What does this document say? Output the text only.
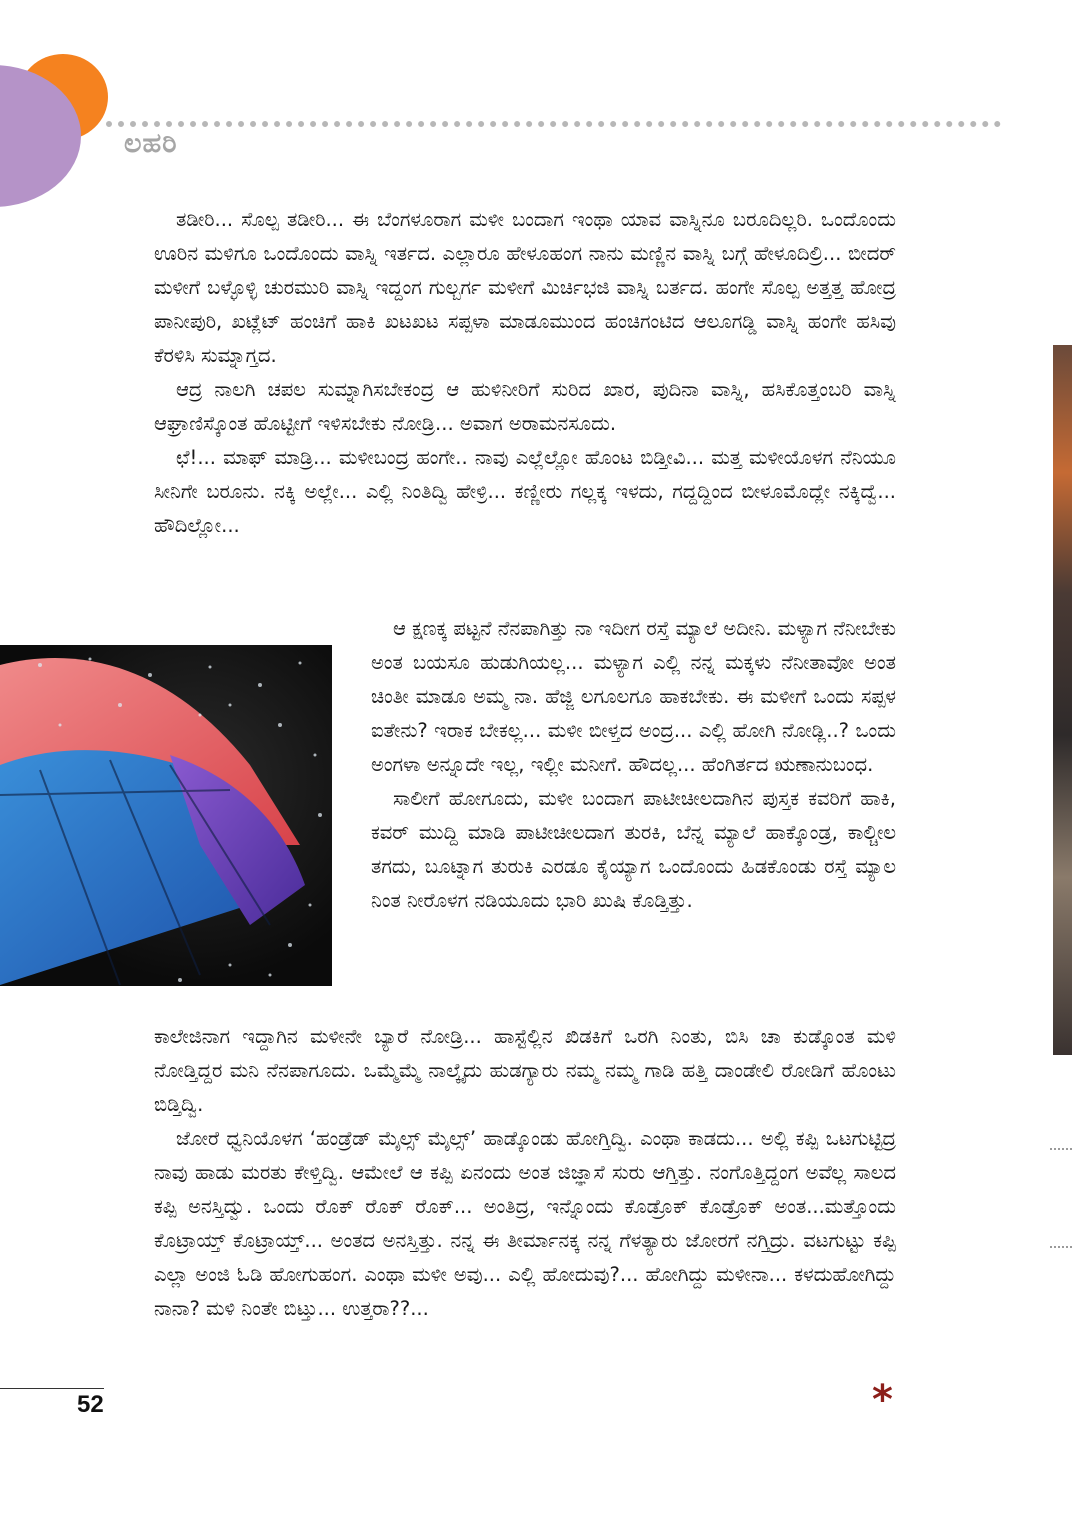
ಲಹರಿ
ತಡೀರಿ... ಸೊಲ್ಪ ತಡೀರಿ... ಈ ಬೆಂಗಳೂರಾಗ ಮಳೀ ಬಂದಾಗ ಇಂಥಾ ಯಾವ ವಾಸ್ನಿನೂ ಬರೂದಿಲ್ಲರಿ. ಒಂದೊಂದು ಊರಿನ ಮಳಿಗೂ ಒಂದೊಂದು ವಾಸ್ನಿ ಇರ್ತದ. ಎಲ್ಲಾರೂ ಹೇಳೂಹಂಗ ನಾನು ಮಣ್ಣಿನ ವಾಸ್ನಿ ಬಗ್ಗೆ ಹೇಳೂದಿಲ್ರಿ... ಬೀದರ್ ಮಳೀಗೆ ಬಳ್ಳೊಳ್ಳಿ ಚುರಮುರಿ ವಾಸ್ನಿ ಇದ್ದಂಗ ಗುಲ್ಬರ್ಗ ಮಳೀಗೆ ಮಿರ್ಚಿಭಜಿ ವಾಸ್ನಿ ಬರ್ತದ. ಹಂಗೇ ಸೊಲ್ಪ ಅತ್ತತ್ತ ಹೋದ್ರ ಪಾನೀಪುರಿ, ಖಟ್ಲೆಟ್ ಹಂಚಿಗೆ ಹಾಕಿ ಖಟಖಟ ಸಪ್ಪಳಾ ಮಾಡೂಮುಂದ ಹಂಚಿಗಂಟಿದ ಆಲೂಗಡ್ಡಿ ವಾಸ್ನಿ ಹಂಗೇ ಹಸಿವು ಕೆರಳಿಸಿ ಸುಮ್ನಾಗ್ತದ.
ಆದ್ರ ನಾಲಗಿ ಚಪಲ ಸುಮ್ನಾಗಿಸಬೇಕಂದ್ರ ಆ ಹುಳಿನೀರಿಗೆ ಸುರಿದ ಖಾರ, ಪುದಿನಾ ವಾಸ್ನಿ, ಹಸಿಕೊತ್ತಂಬರಿ ವಾಸ್ನಿ ಆಘ್ರಾಣಿಸ್ಕೊಂತ ಹೊಟ್ಟೀಗೆ ಇಳಿಸಬೇಕು ನೋಡ್ರಿ... ಅವಾಗ ಅರಾಮನಸೂದು.
ಛೆ!... ಮಾಫ್ ಮಾಡ್ರಿ... ಮಳೀಬಂದ್ರ ಹಂಗೇ.. ನಾವು ಎಲ್ಲೆಲ್ಲೋ ಹೊಂಟ ಬಿಡ್ತೀವಿ... ಮತ್ತ ಮಳೀಯೊಳಗ ನೆನಿಯೂ ಸೀನಿಗೇ ಬರೂನು. ನಕ್ಕಿ ಅಲ್ಲೇ... ಎಲ್ಲಿ ನಿಂತಿದ್ವಿ ಹೇಳ್ರಿ... ಕಣ್ಣೀರು ಗಲ್ಲಕ್ಕ ಇಳದು, ಗದ್ದದ್ದಿಂದ ಬೀಳೂಮೊದ್ಲೇ ನಕ್ಕಿದ್ವೆ... ಹೌದಿಲ್ಲೋ...
ಆ ಕ್ಷಣಕ್ಕ ಪಟ್ಟನೆ ನೆನಪಾಗಿತ್ತು ನಾ ಇದೀಗ ರಸ್ತೆ ಮ್ಯಾಲೆ ಅದೀನಿ. ಮಳ್ಯಾಗ ನೆನೀಬೇಕು ಅಂತ ಬಯಸೂ ಹುಡುಗಿಯಲ್ಲ... ಮಳ್ಯಾಗ ಎಲ್ಲಿ ನನ್ನ ಮಕ್ಕಳು ನೆನೀತಾವೋ ಅಂತ ಚಿಂತೀ ಮಾಡೂ ಅಮ್ಮ ನಾ. ಹೆಜ್ಜಿ ಲಗೂಲಗೂ ಹಾಕಬೇಕು. ಈ ಮಳೀಗೆ ಒಂದು ಸಪ್ಪಳ ಐತೇನು? ಇರಾಕ ಬೇಕಲ್ಲ... ಮಳೀ ಬೀಳ್ತದ ಅಂದ್ರ... ಎಲ್ಲಿ ಹೋಗಿ ನೋಡ್ಲಿ..? ಒಂದು ಅಂಗಳಾ ಅನ್ನೂದೇ ಇಲ್ಲ, ಇಲ್ಲೀ ಮನೀಗೆ. ಹೌದಲ್ಲ... ಹೆಂಗಿರ್ತದ ಋಣಾನುಬಂಧ.
ಸಾಲೀಗೆ ಹೋಗೂದು, ಮಳೀ ಬಂದಾಗ ಪಾಟೀಚೀಲದಾಗಿನ ಪುಸ್ತಕ ಕವರಿಗೆ ಹಾಕಿ, ಕವರ್ ಮುದ್ದಿ ಮಾಡಿ ಪಾಟೀಚೀಲದಾಗ ತುರಕಿ, ಬೆನ್ನ ಮ್ಯಾಲೆ ಹಾಕ್ಕೊಂಡ್ರ, ಕಾಲ್ಚೀಲ ತಗದು, ಬೂಟ್ನಾಗ ತುರುಕಿ ಎರಡೂ ಕೈಯ್ಯಾಗ ಒಂದೊಂದು ಹಿಡಕೊಂಡು ರಸ್ತೆ ಮ್ಯಾಲ ನಿಂತ ನೀರೊಳಗ ನಡಿಯೂದು ಭಾರಿ ಖುಷಿ ಕೊಡ್ತಿತ್ತು.
ಕಾಲೇಜಿನಾಗ ಇದ್ದಾಗಿನ ಮಳೀನೇ ಬ್ಯಾರೆ ನೋಡ್ರಿ... ಹಾಸ್ಟೆಲ್ಲಿನ ಖಿಡಕಿಗೆ ಒರಗಿ ನಿಂತು, ಬಿಸಿ ಚಾ ಕುಡ್ಕೊಂತ ಮಳಿ ನೋಡ್ತಿದ್ದರ ಮನಿ ನೆನಪಾಗೂದು. ಒಮ್ಮೆಮ್ಮೆ ನಾಲ್ಕೈದು ಹುಡಗ್ಯಾರು ನಮ್ಮ ನಮ್ಮ ಗಾಡಿ ಹತ್ತಿ ದಾಂಡೇಲಿ ರೋಡಿಗೆ ಹೊಂಟು ಬಿಡ್ತಿದ್ವಿ.
ಜೋರೆ ಧ್ವನಿಯೊಳಗ ‘ಹಂಡ್ರೆಡ್ ಮೈಲ್ಸ್ ಮೈಲ್ಸ್’ ಹಾಡ್ಕೊಂಡು ಹೋಗ್ತಿದ್ವಿ. ಎಂಥಾ ಕಾಡದು... ಅಲ್ಲಿ ಕಪ್ಪಿ ಒಟಗುಟ್ಟಿದ್ರ ನಾವು ಹಾಡು ಮರತು ಕೇಳ್ತಿದ್ವಿ. ಆಮೇಲೆ ಆ ಕಪ್ಪಿ ಏನಂದು ಅಂತ ಜಿಜ್ಞಾಸೆ ಸುರು ಆಗ್ತಿತ್ತು. ನಂಗೊತ್ತಿದ್ದಂಗ ಅವೆಲ್ಲ ಸಾಲದ ಕಪ್ಪಿ ಅನಸ್ತಿದ್ವು. ಒಂದು ರೊಕ್ ರೊಕ್ ರೊಕ್... ಅಂತಿದ್ರ, ಇನ್ನೊಂದು ಕೊಡ್ರೊಕ್ ಕೊಡ್ರೊಕ್ ಅಂತ...ಮತ್ತೊಂದು ಕೊಟ್ರಾಯ್ತ್ ಕೊಟ್ರಾಯ್ತ್... ಅಂತದ ಅನಸ್ತಿತ್ತು. ನನ್ನ ಈ ತೀರ್ಮಾನಕ್ಕ ನನ್ನ ಗೆಳತ್ಯಾರು ಜೋರಗೆ ನಗ್ತಿದ್ರು. ವಟಗುಟ್ಟು ಕಪ್ಪಿ ಎಲ್ಲಾ ಅಂಜಿ ಓಡಿ ಹೋಗುಹಂಗ. ಎಂಥಾ ಮಳೀ ಅವು... ಎಲ್ಲಿ ಹೋದುವು?... ಹೋಗಿದ್ದು ಮಳೀನಾ... ಕಳದುಹೋಗಿದ್ದು ನಾನಾ? ಮಳಿ ನಿಂತೇ ಬಿಟ್ತು... ಉತ್ತರಾ??...
52	*
